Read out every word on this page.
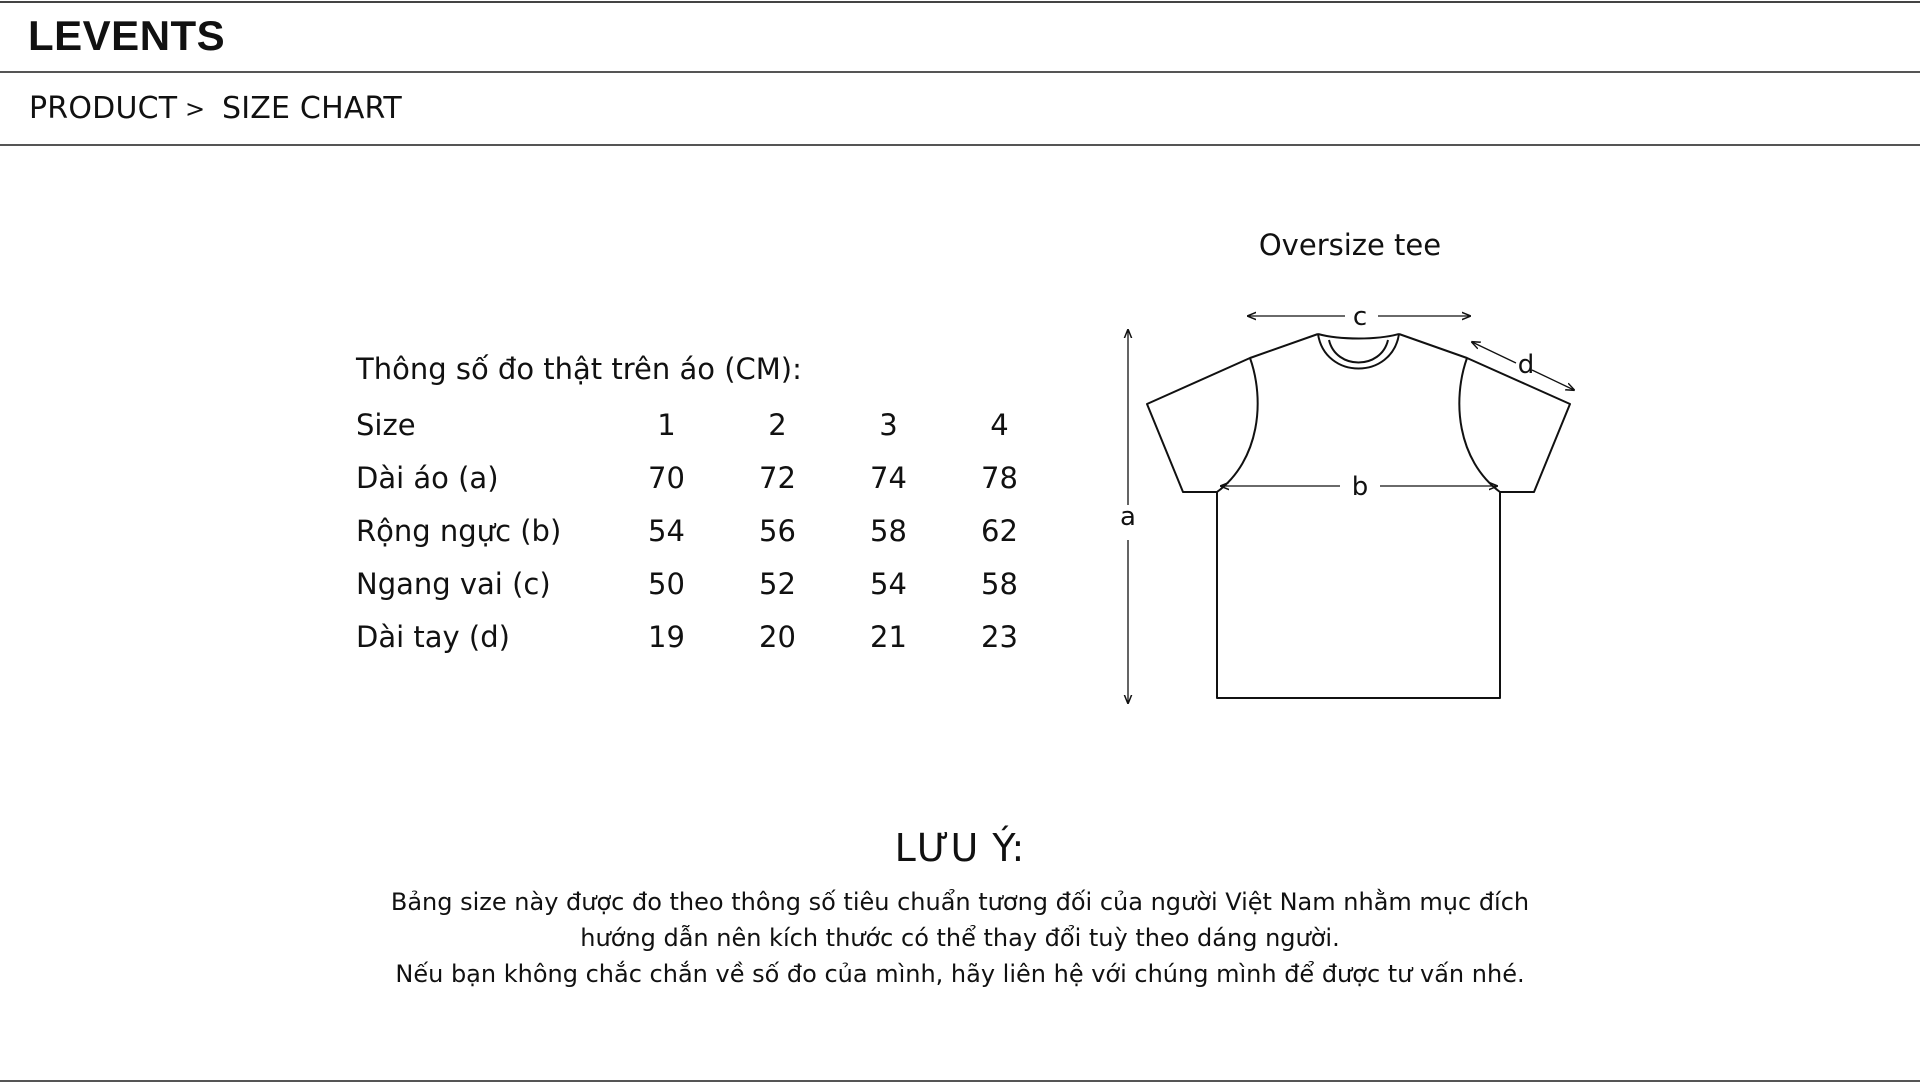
LEVENTS
PRODUCT > SIZE CHART
Thông số đo thật trên áo (CM):
Size	1	2	3	4
Dài áo (a)	70	72	74	78
Rộng ngực (b)	54	56	58	62
Ngang vai (c)	50	52	54	58
Dài tay (d)	19	20	21	23
Oversize tee
a
b
c
d
LƯU Ý:
Bảng size này được đo theo thông số tiêu chuẩn tương đối của người Việt Nam nhằm mục đích
hướng dẫn nên kích thước có thể thay đổi tuỳ theo dáng người.
Nếu bạn không chắc chắn về số đo của mình, hãy liên hệ với chúng mình để được tư vấn nhé.
